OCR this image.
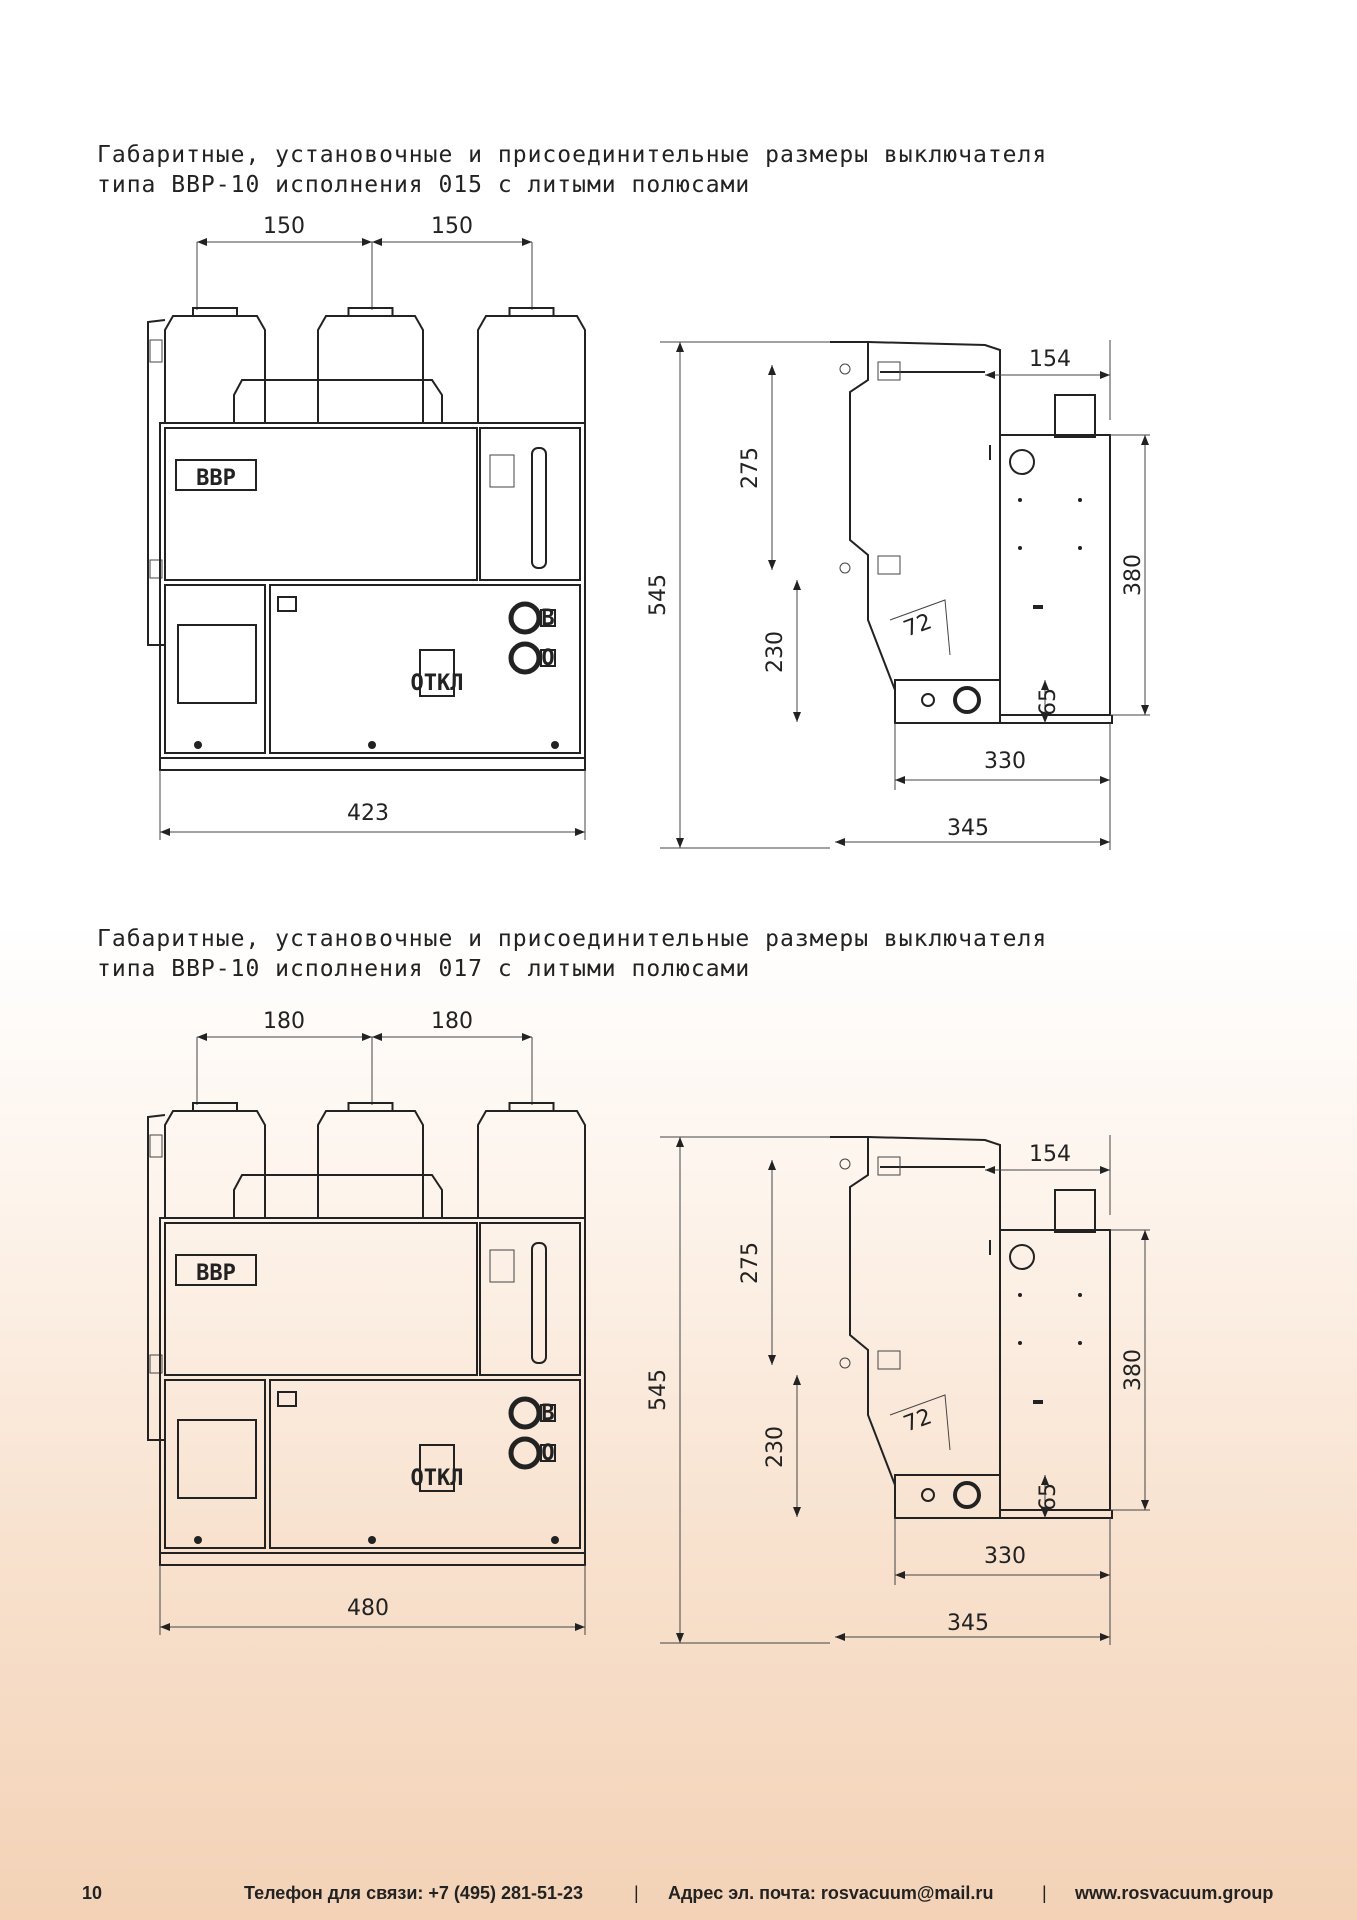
Габаритные, установочные и присоединительные размеры выключателя
типа ВВР-10 исполнения 015 с литыми полюсами
Габаритные, установочные и присоединительные размеры выключателя
типа ВВР-10 исполнения 017 с литыми полюсами
150	150
ВВР
В
О
ОТКЛ
423
545
275
230
72
65
380
154
330
345
180	180
ВВР
В
О
ОТКЛ
480
545
275
230
72
65
380
154
330
345
10	Телефон для связи: +7 (495) 281-51-23	| Адрес эл. почта: rosvacuum@mail.ru	| www.rosvacuum.group
